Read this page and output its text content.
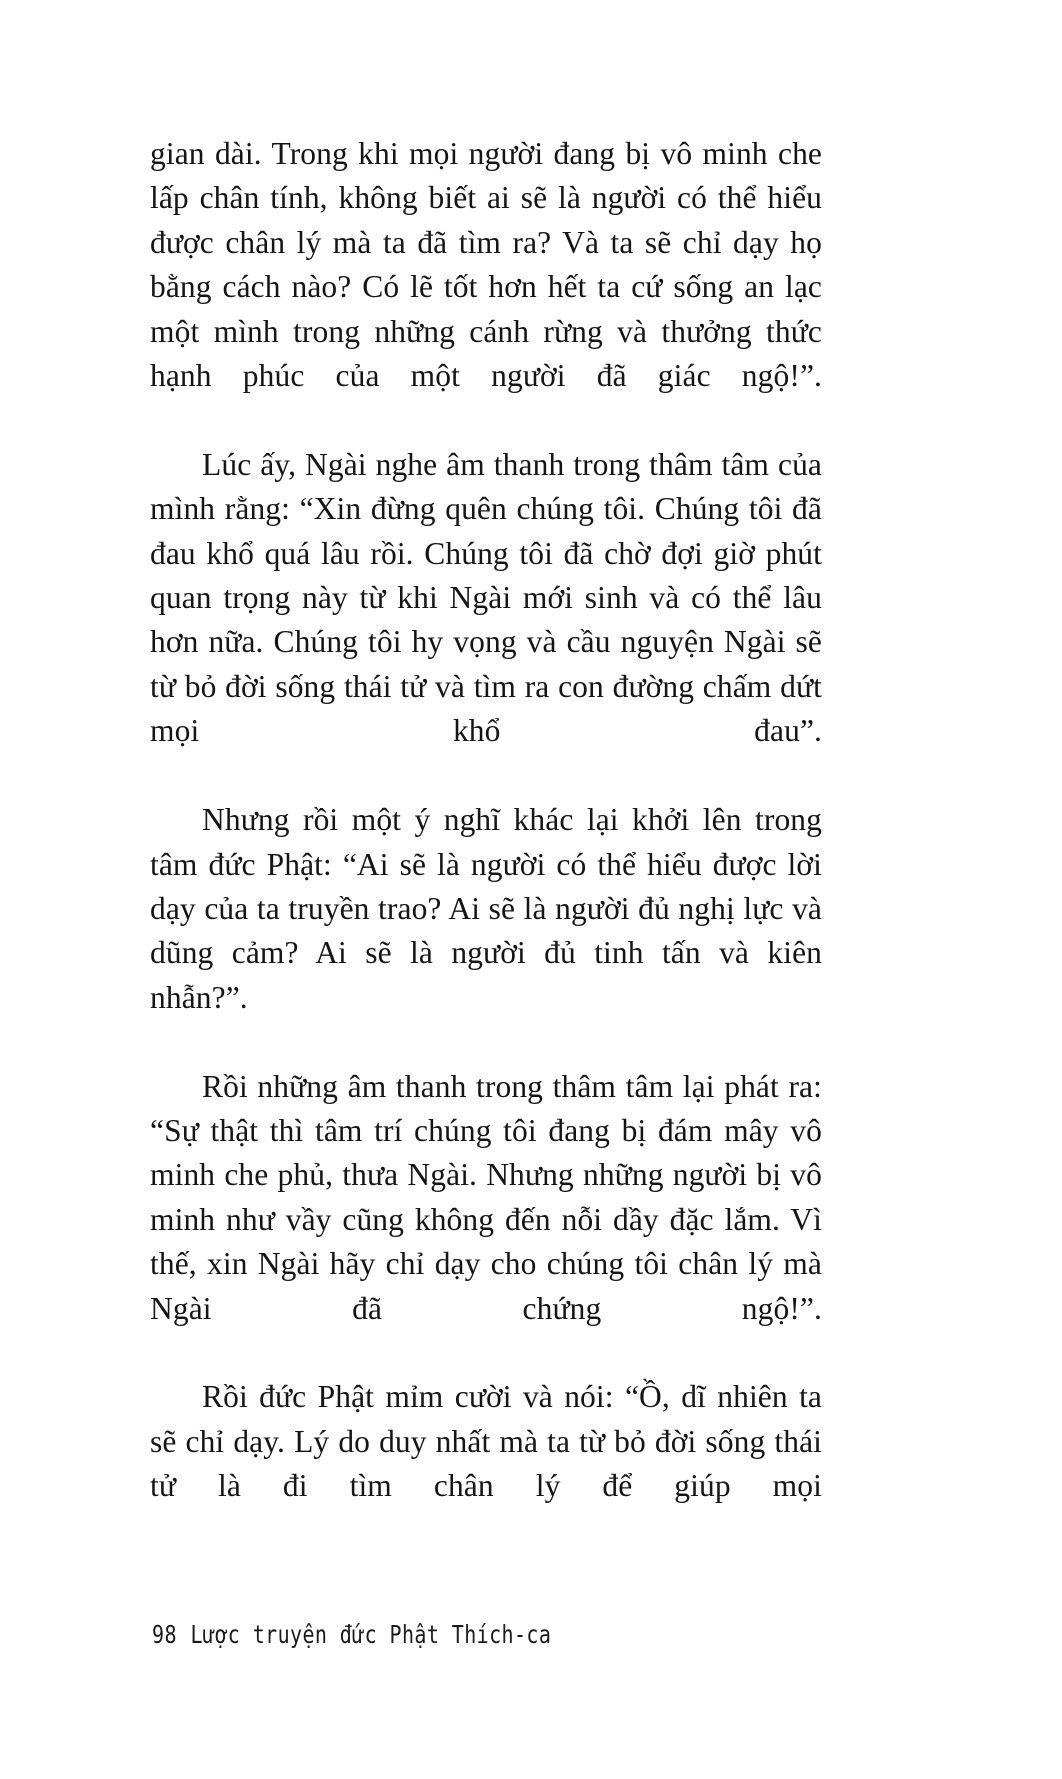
gian dài. Trong khi mọi người đang bị vô minh che lấp chân tính, không biết ai sẽ là người có thể hiểu được chân lý mà ta đã tìm ra? Và ta sẽ chỉ dạy họ bằng cách nào? Có lẽ tốt hơn hết ta cứ sống an lạc một mình trong những cánh rừng và thưởng thức hạnh phúc của một người đã giác ngộ!”.

Lúc ấy, Ngài nghe âm thanh trong thâm tâm của mình rằng: “Xin đừng quên chúng tôi. Chúng tôi đã đau khổ quá lâu rồi. Chúng tôi đã chờ đợi giờ phút quan trọng này từ khi Ngài mới sinh và có thể lâu hơn nữa. Chúng tôi hy vọng và cầu nguyện Ngài sẽ từ bỏ đời sống thái tử và tìm ra con đường chấm dứt mọi khổ đau”.

Nhưng rồi một ý nghĩ khác lại khởi lên trong tâm đức Phật: “Ai sẽ là người có thể hiểu được lời dạy của ta truyền trao? Ai sẽ là người đủ nghị lực và dũng cảm? Ai sẽ là người đủ tinh tấn và kiên nhẫn?”.

Rồi những âm thanh trong thâm tâm lại phát ra: “Sự thật thì tâm trí chúng tôi đang bị đám mây vô minh che phủ, thưa Ngài. Nhưng những người bị vô minh như vầy cũng không đến nỗi dầy đặc lắm. Vì thế, xin Ngài hãy chỉ dạy cho chúng tôi chân lý mà Ngài đã chứng ngộ!”.

Rồi đức Phật mỉm cười và nói: “Ồ, dĩ nhiên ta sẽ chỉ dạy. Lý do duy nhất mà ta từ bỏ đời sống thái tử là đi tìm chân lý để giúp mọi

98 Lược truyện đức Phật Thích-ca
